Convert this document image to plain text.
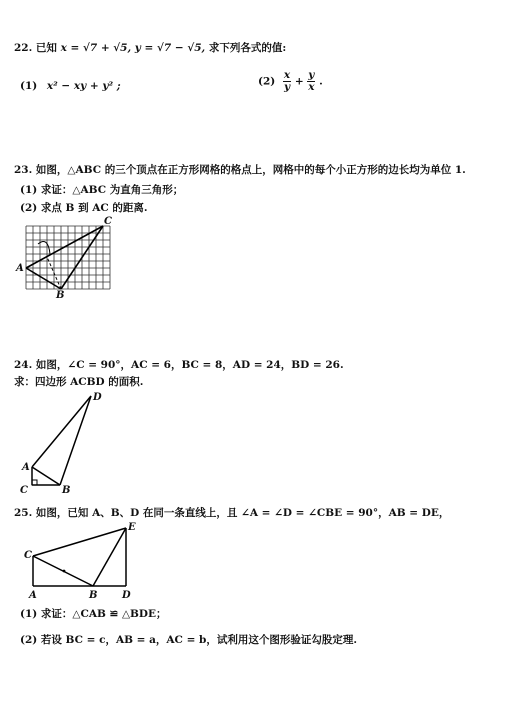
22. 已知 x = √7 + √5, y = √7 − √5, 求下列各式的值:
(1) x² − xy + y² ;	$(2) \frac{x}{y} + \frac{y}{x}$ .
23. 如图，△ABC 的三个顶点在正方形网格的格点上，网格中的每个小正方形的边长均为单位 1.
(1) 求证：△ABC 为直角三角形；
(2) 求点 B 到 AC 的距离.
A
B
C
24. 如图，∠C = 90°，AC = 6，BC = 8，AD = 24，BD = 26.
求：四边形 ACBD 的面积.
A
B
C
D
25. 如图，已知 A、B、D 在同一条直线上，且 ∠A = ∠D = ∠CBE = 90°，AB = DE，
C
A	B D
E
(1) 求证：△CAB ≌ △BDE；
(2) 若设 BC = c，AB = a，AC = b，试利用这个图形验证勾股定理.
